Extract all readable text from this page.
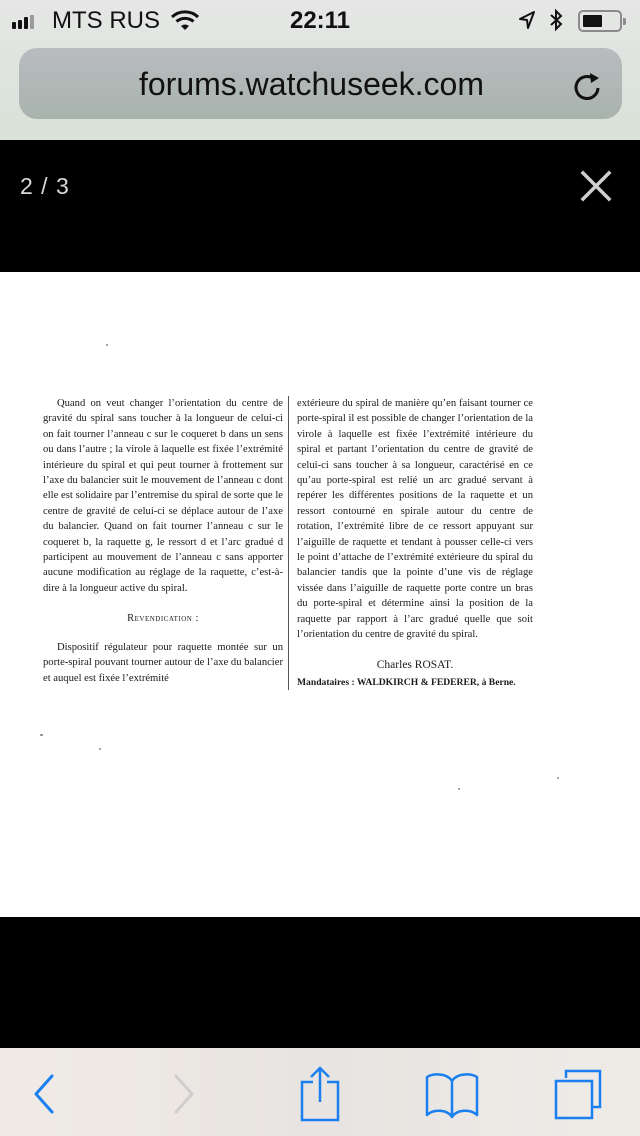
MTS RUS	22:11
forums.watchuseek.com
2 / 3

Quand on veut changer l’orientation du centre de gravité du spiral sans toucher à la longueur de celui-ci on fait tourner l’anneau c sur le coqueret b dans un sens ou dans l’autre ; la virole à laquelle est fixée l’extrémité intérieure du spiral et qui peut tourner à frottement sur l’axe du balancier suit le mouvement de l’anneau c dont elle est solidaire par l’entremise du spiral de sorte que le centre de gravité de celui-ci se déplace autour de l’axe du balancier. Quand on fait tourner l’anneau c sur le coqueret b, la raquette g, le ressort d et l’arc gradué d participent au mouvement de l’anneau c sans apporter aucune modification au réglage de la raquette, c’est-à-dire à la longueur active du spiral.

Revendication :

Dispositif régulateur pour raquette montée sur un porte-spiral pouvant tourner autour de l’axe du balancier et auquel est fixée l’extrémité

extérieure du spiral de manière qu’en faisant tourner ce porte-spiral il est possible de changer l’orientation de la virole à laquelle est fixée l’extrémité intérieure du spiral et partant l’orientation du centre de gravité de celui-ci sans toucher à sa longueur, caractérisé en ce qu’au porte-spiral est relié un arc gradué servant à repérer les différentes positions de la raquette et un ressort contourné en spirale autour du centre de rotation, l’extrémité libre de ce ressort appuyant sur l’aiguille de raquette et tendant à pousser celle-ci vers le point d’attache de l’extrémité extérieure du spiral du balancier tandis que la pointe d’une vis de réglage vissée dans l’aiguille de raquette porte contre un bras du porte-spiral et détermine ainsi la position de la raquette par rapport à l’arc gradué quelle que soit l’orientation du centre de gravité du spiral.

Charles ROSAT.
Mandataires : WALDKIRCH & FEDERER, à Berne.
